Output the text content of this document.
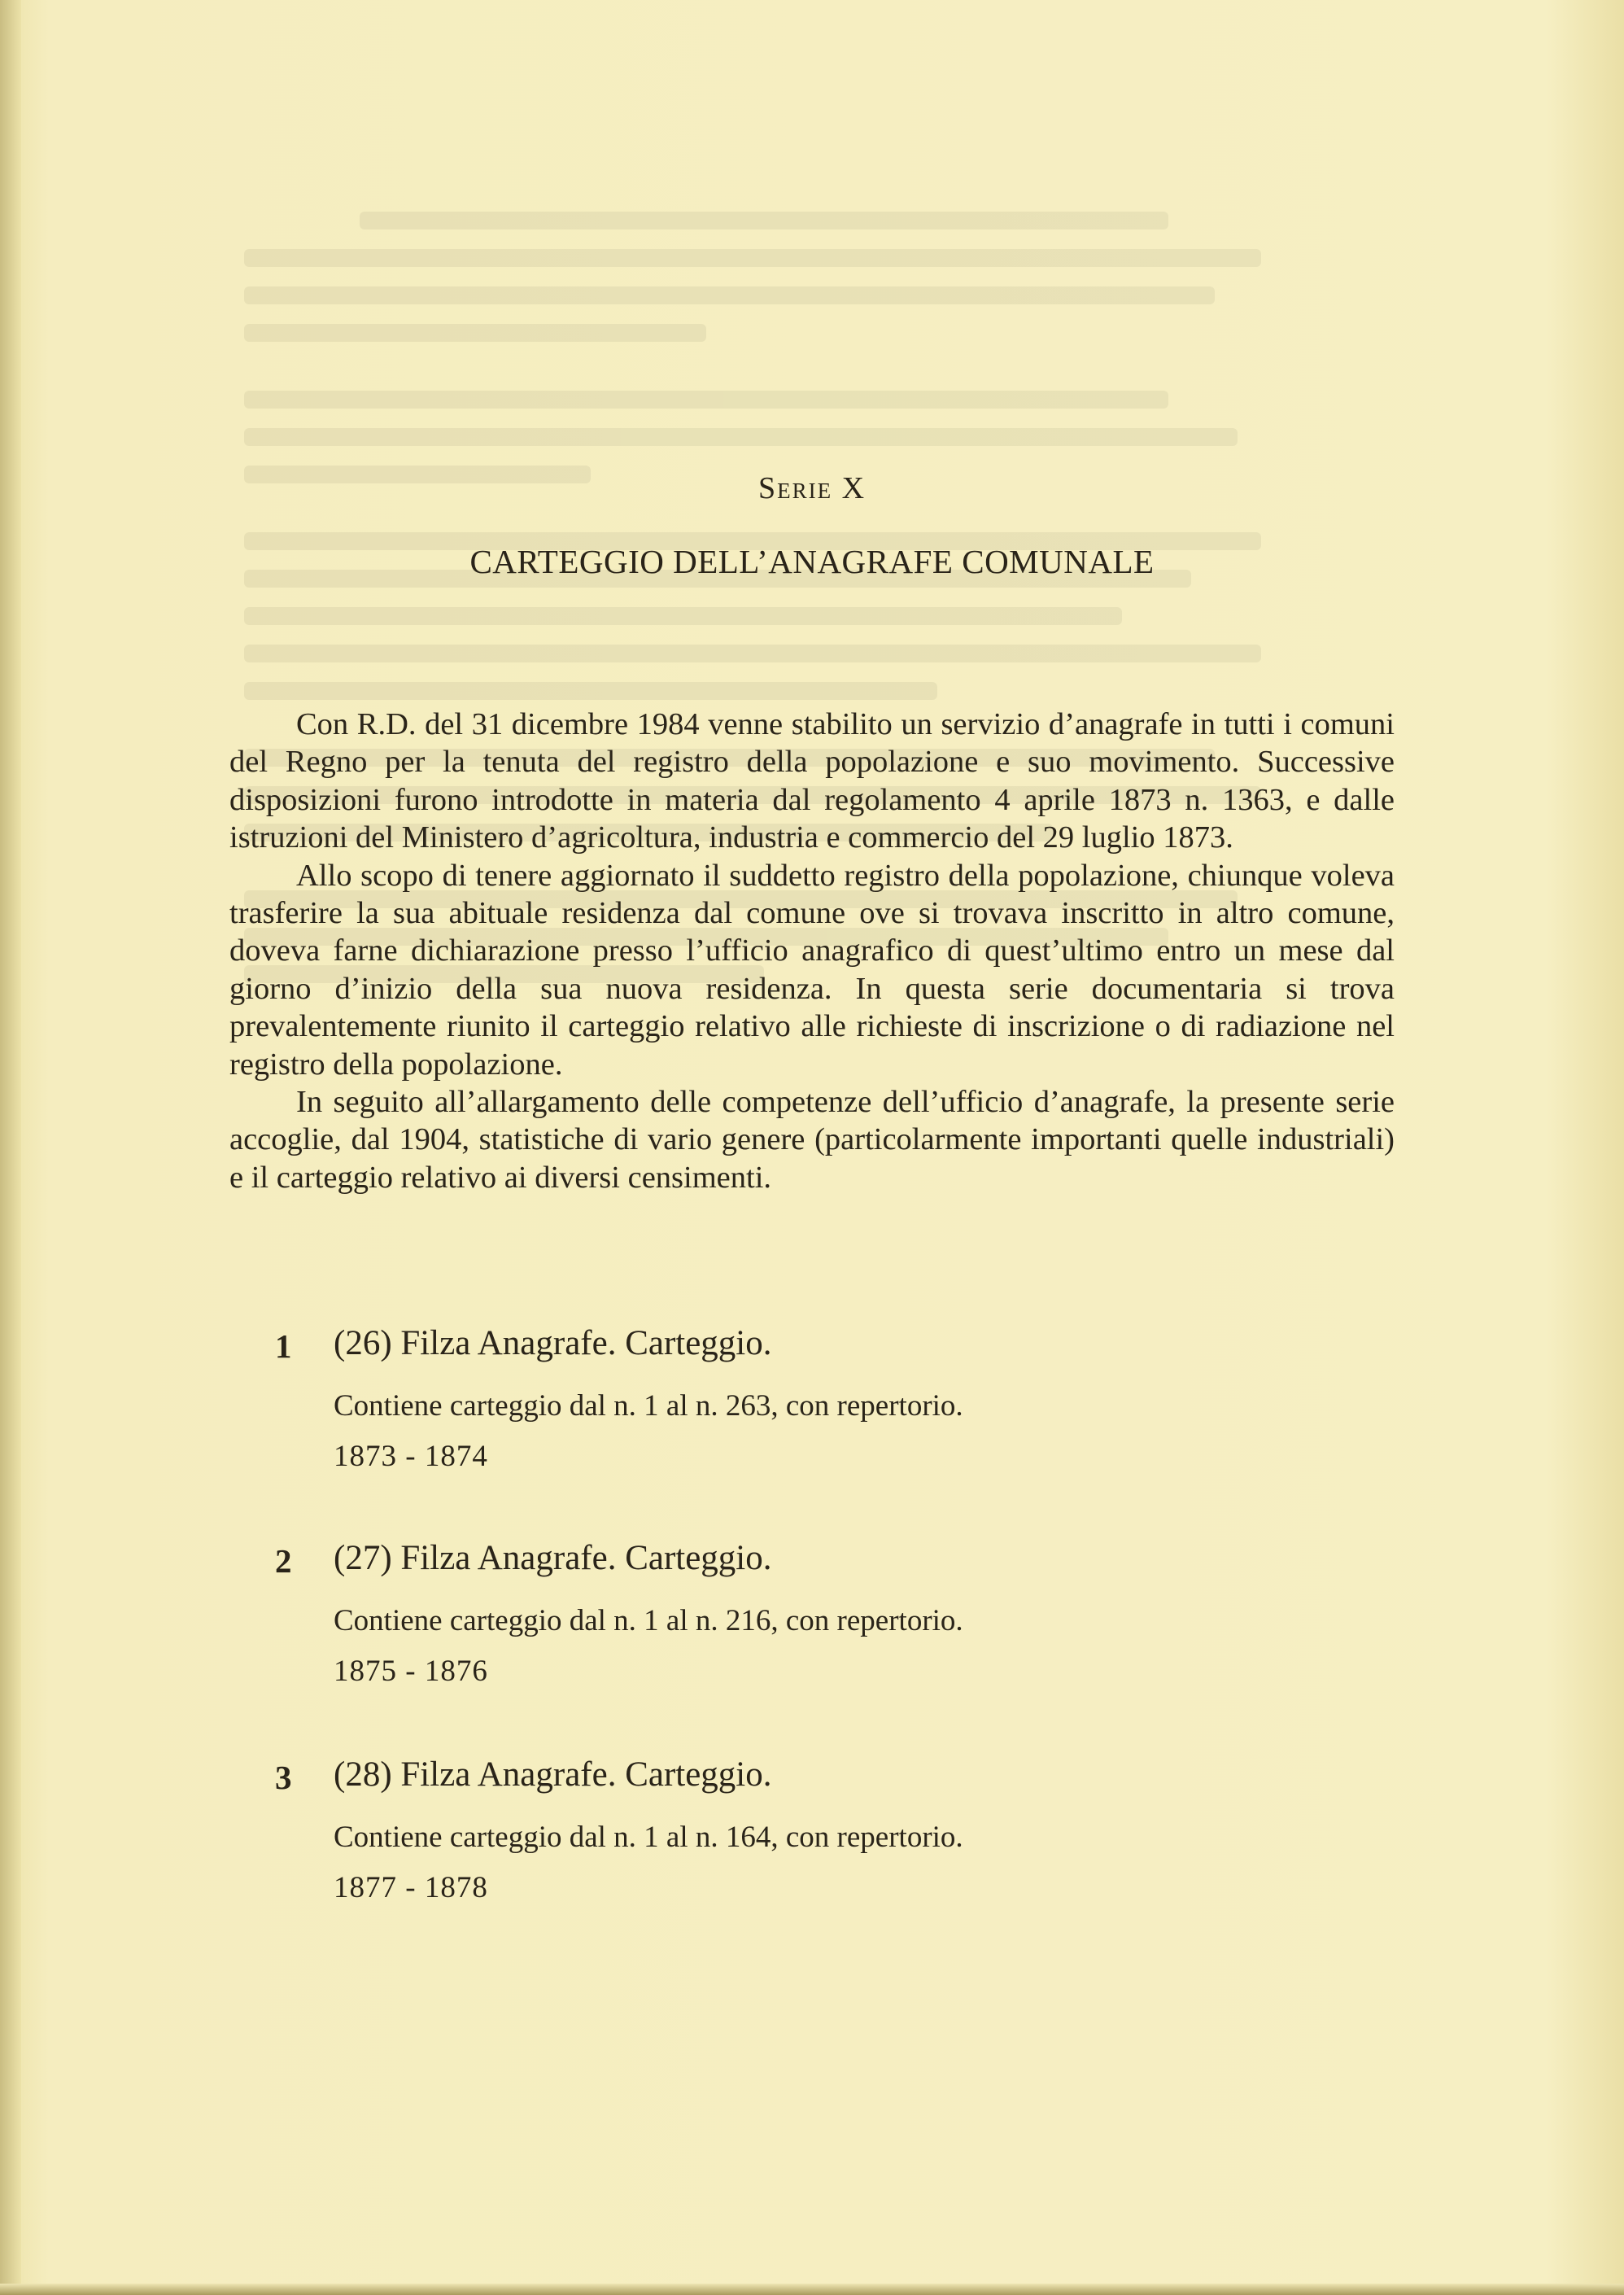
Serie X
CARTEGGIO DELL’ANAGRAFE COMUNALE

Con R.D. del 31 dicembre 1984 venne stabilito un servizio d’anagrafe in tutti i comuni del Regno per la tenuta del registro della popolazione e suo movimento. Successive disposizioni furono introdotte in materia dal regolamento 4 aprile 1873 n. 1363, e dalle istruzioni del Ministero d’agricoltura, industria e commercio del 29 luglio 1873.

Allo scopo di tenere aggiornato il suddetto registro della popolazione, chiunque voleva trasferire la sua abituale residenza dal comune ove si trovava inscritto in altro comune, doveva farne dichiarazione presso l’ufficio anagrafico di quest’ultimo entro un mese dal giorno d’inizio della sua nuova residenza. In questa serie documentaria si trova prevalentemente riunito il carteggio relativo alle richieste di inscrizione o di radiazione nel registro della popolazione.

In seguito all’allargamento delle competenze dell’ufficio d’anagrafe, la presente serie accoglie, dal 1904, statistiche di vario genere (particolarmente importanti quelle industriali) e il carteggio relativo ai diversi censimenti.

1 (26) Filza Anagrafe. Carteggio.
Contiene carteggio dal n. 1 al n. 263, con repertorio.
1873 - 1874
2 (27) Filza Anagrafe. Carteggio.
Contiene carteggio dal n. 1 al n. 216, con repertorio.
1875 - 1876
3 (28) Filza Anagrafe. Carteggio.
Contiene carteggio dal n. 1 al n. 164, con repertorio.
1877 - 1878
